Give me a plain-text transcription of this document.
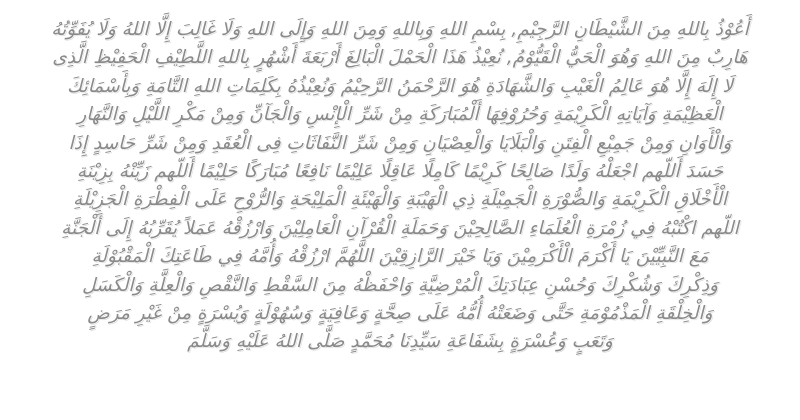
أَعُوْذُ بِاللهِ مِنَ الشَّيْطَانِ الرَّجِيْمِ, بِسْمِ اللهِ وَبِاللهِ وَمِنَ اللهِ وَإِلَى اللهِ وَلَا غَالِبَ إِلَّا اللهُ وَلَا يُفَوِّتُهُ
هَارِبٌ مِنَ اللهِ وَهُوَ الْحَيُّ الْقَيُّوْمُ, نُعِيْذُ هَذَا الْحَمْلَ الْبَالِغَ أَرْبَعَةَ أَشْهُرٍ بِاللهِ اللَّطِيْفِ الْحَفِيْظِ الَّذِى
لَا إِلَهَ إِلَّا هُوَ عَالِمُ الْغَيْبِ وَالشَّهَادَةِ هُوَ الرَّحْمَنُ الرَّحِيْمُ وَنُعِيْذُهُ بِكَلِمَاتِ اللهِ التَّامَةِ وَبِأَسْمَائِكَ
الْعَظِيْمَةِ وَآيَاتِهِ الْكَرِيْمَةِ وَحُرُوْفِهَا أَلْمُبَارَكَةِ مِنْ شَرِّ الْإِنْسِ وَالْجَآنِّ وَمِنْ مَكْرِ اللَّيْلِ وَالنَّهَارِ
وَالْأَوَانِ وَمِنْ جَمِيْعِ الْفِتَنِ وَالْبَلَايَا وَالْعِصْيَانِ وَمِنْ شَرِّ النَّفَاثَاتِ فِى الْعُقَدِ وَمِنْ شَرِّ حَاسِدٍ إِذَا
حَسَدَ أَللّهم اجْعَلْهُ وَلَدًا صَالِحًا كَرِيْمًا كَامِلًا عَاقِلًا عَلِيْمًا نَافِعًا مُبَارَكًا حَلِيْمًا أَللّهم زَيِّنْهُ بِزِيْنَةِ
الْأَخْلَاقِ الْكَرِيْمَةِ وَالصُّوْرَةِ الْجَمِيْلَةِ ذِي الْهَيْبَةِ وَالْهَيْئَةِ الْمَلِيْحَةِ وَالرُّوْحِ عَلَى الْفِطْرَةِ الْجَزِيْلَةِ
اللّهم اكْتُبْهُ فِي زُمْرَةِ الْعُلَمَاءِ الصَّالِحِيْنَ وَحَمَلَةِ الْقُرْآنِ الْعَامِلِيْنَ وَارْزُقْهُ عَمَلاً يُقَرِّبُهُ إِلَى أَلْجَنَّةِ
مَعَ النَّبِيِّيْنَ يَا أَكْرَمَ الْأَكْرَمِيْنَ وَيَا خَيْرَ الرَّازِقِيْنَ اللَّهُمَّ ارْزُقْهُ وَأُمَّهُ فِي طَاعَتِكَ الْمَقْبُوْلَةِ
وَذِكْرِكَ وَشُكْرِكَ وَحُسْنِ عِبَادَتِكَ الْمُرْضِيَّةِ وَاحْفَظْهُ مِنَ السَّقْطِ وَالنَّقْصِ وَالْعِلَّةِ وَالْكَسَلِ
وَالْخِلْقَةِ الْمَذْمُوْمَةِ حَتَّى وَضَعَتْهُ أُمُّهُ عَلَى صِحَّةٍ وَعَافِيَةٍ وَسُهُوْلَةٍ وَيُسْرَةٍ مِنْ غَيْرِ مَرَضٍ
وَتَعَبٍ وَعُسْرَةٍ بِشَفَاعَةِ سَيِّدِنَا مُحَمَّدٍ صَلَّى اللهُ عَلَيْهِ وَسَلَّمَ
